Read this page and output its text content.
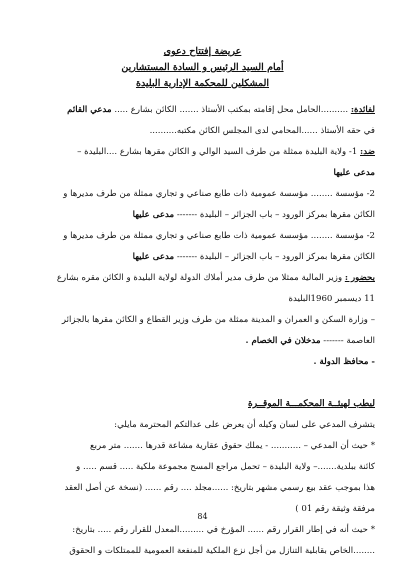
عريضة إفتتاح دعوى
أمام السيد الرئيس و السادة المستشارين
المشكلين للمحكمة الإدارية البليدة
لفائدة: ..........الحامل محل إقامته بمكتب الأستاذ ....... الكائن بشارع ..... مدعي القائم
في حقه الأستاذ ......المحامي لدى المجلس الكائن مكتبه..........
ضد: 1- ولاية البليدة ممثلة من طرف السيد الوالي و الكائن مقرها بشارع ....البليدة –
مدعى عليها
2- مؤسسة ........ مؤسسة عمومية ذات طابع صناعي و تجاري ممثلة من طرف مديرها و
الكائن مقرها بمركز الورود – باب الجزائر – البليدة ------- مدعى عليها
2- مؤسسة ........ مؤسسة عمومية ذات طابع صناعي و تجاري ممثلة من طرف مديرها و
الكائن مقرها بمركز الورود – باب الجزائر – البليدة ------- مدعى عليها
بحضور : وزير المالية ممثلا من طرف مدير أملاك الدولة لولاية البليدة و الكائن مقره بشارع
11 ديسمبر 1960البليدة
– وزارة السكن و العمران و المدينة ممثلة من طرف وزير القطاع و الكائن مقرها بالجزائر
العاصمة ------- مدخلان في الخصام .
- محافظ الدولة .
ليطب لهيئــة المحكمـــة الموقــرة
يتشرف المدعي على لسان وكيله أن يعرض على عدالتكم المحترمة مايلي:
* حيث أن المدعي – ........... - يملك حقوق عقارية مشاعة قدرها ....... متر مربع
كائنة ببلدية.......– ولاية البليدة – تحمل مراجع المسح مجموعة ملكية ..... قسم ..... و
هذا بموجب عقد بيع رسمي مشهر بتاريخ: ......مجلد .... رقم ...... (نسخة عن أصل العقد
مرفقة وثيقة رقم 01 )
* حيث أنه في إطار القرار رقم ...... المؤرخ في .........المعدل للقرار رقم ..... بتاريخ:
........الخاص بقابلية التنازل من أجل نزع الملكية للمنفعة العمومية للممتلكات و الحقوق
84
